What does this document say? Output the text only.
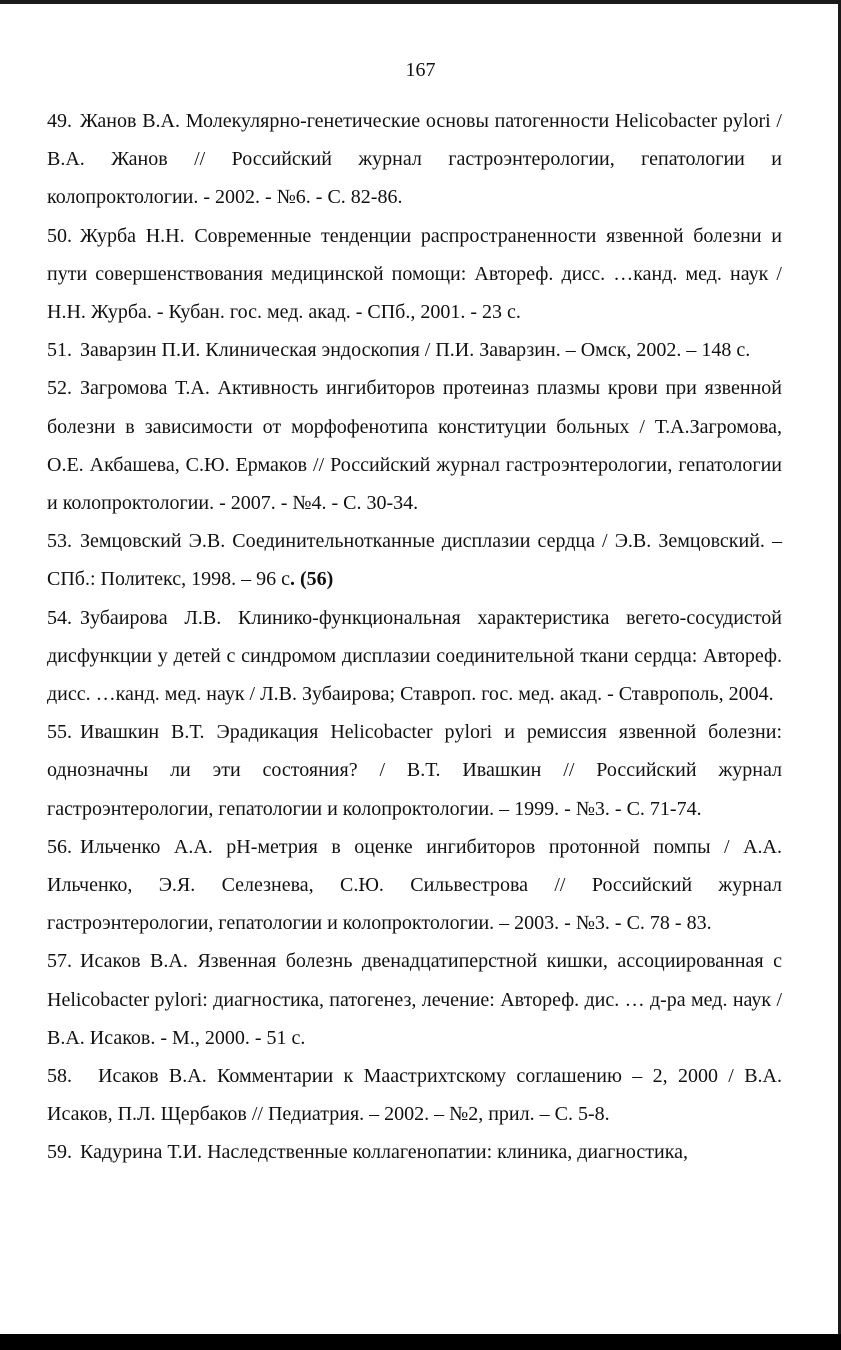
167
49. Жанов В.А. Молекулярно-генетические основы патогенности Helicobacter pylori / В.А. Жанов // Российский журнал гастроэнтерологии, гепатологии и колопроктологии. - 2002. - №6. - С. 82-86.
50. Журба Н.Н. Современные тенденции распространенности язвенной болезни и пути совершенствования медицинской помощи: Автореф. дисс. …канд. мед. наук / Н.Н. Журба. - Кубан. гос. мед. акад. - СПб., 2001. - 23 с.
51. Заварзин П.И. Клиническая эндоскопия / П.И. Заварзин. – Омск, 2002. – 148 с.
52. Загромова Т.А. Активность ингибиторов протеиназ плазмы крови при язвенной болезни в зависимости от морфофенотипа конституции больных / Т.А.Загромова, О.Е. Акбашева, С.Ю. Ермаков // Российский журнал гастроэнтерологии, гепатологии и колопроктологии. - 2007. - №4. - С. 30-34.
53. Земцовский Э.В. Соединительнотканные дисплазии сердца / Э.В. Земцовский. – СПб.: Политекс, 1998. – 96 с. (56)
54. Зубаирова Л.В. Клинико-функциональная характеристика вегето-сосудистой дисфункции у детей с синдромом дисплазии соединительной ткани сердца: Автореф. дисс. …канд. мед. наук / Л.В. Зубаирова; Ставроп. гос. мед. акад. - Ставрополь, 2004.
55. Ивашкин В.Т. Эрадикация Helicobacter pylori и ремиссия язвенной болезни: однозначны ли эти состояния? / В.Т. Ивашкин // Российский журнал гастроэнтерологии, гепатологии и колопроктологии. – 1999. - №3. - С. 71-74.
56. Ильченко А.А. pH-метрия в оценке ингибиторов протонной помпы / А.А. Ильченко, Э.Я. Селезнева, С.Ю. Сильвестрова // Российский журнал гастроэнтерологии, гепатологии и колопроктологии. – 2003. - №3. - С. 78 - 83.
57. Исаков В.А. Язвенная болезнь двенадцатиперстной кишки, ассоциированная с Helicobacter pylori: диагностика, патогенез, лечение: Автореф. дис. … д-ра мед. наук / В.А. Исаков. - М., 2000. - 51 с.
58. Исаков В.А. Комментарии к Маастрихтскому соглашению – 2, 2000 / В.А. Исаков, П.Л. Щербаков // Педиатрия. – 2002. – №2, прил. – С. 5-8.
59. Кадурина Т.И. Наследственные коллагенопатии: клиника, диагностика,
